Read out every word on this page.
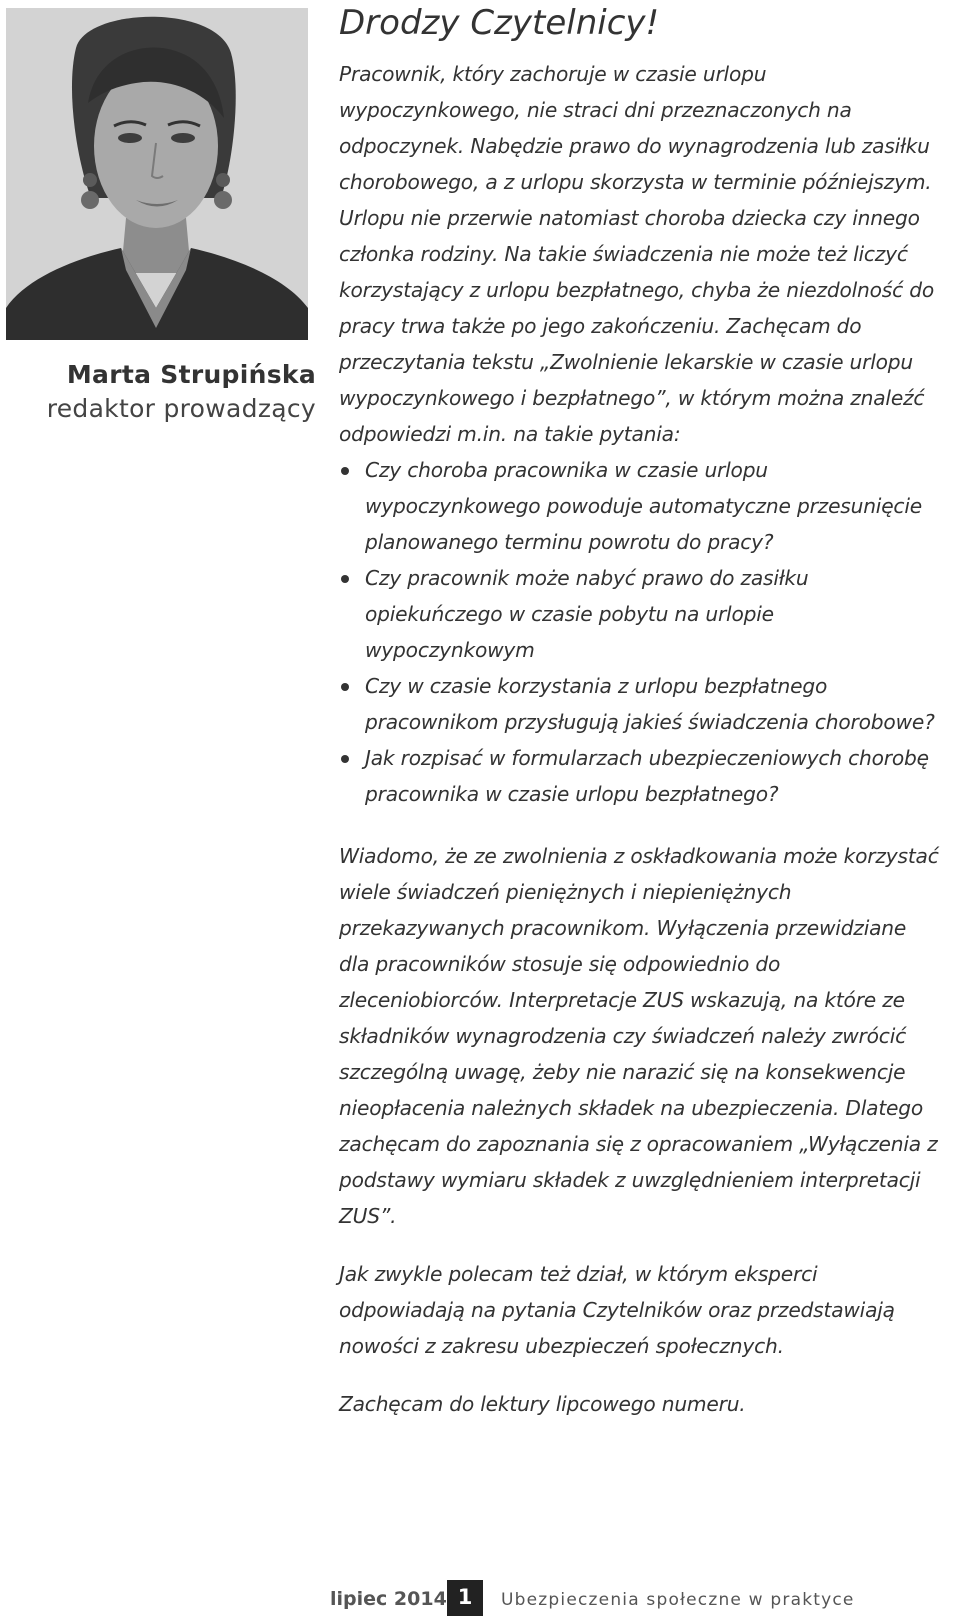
Marta Strupińska
redaktor prowadzący
Drodzy Czytelnicy!

Pracownik, który zachoruje w czasie urlopu wypoczynkowego, nie straci dni przeznaczonych na odpoczynek. Nabędzie prawo do wynagrodzenia lub zasiłku chorobowego, a z urlopu skorzysta w terminie późniejszym. Urlopu nie przerwie natomiast choroba dziecka czy innego członka rodziny. Na takie świadczenia nie może też liczyć korzystający z urlopu bezpłatnego, chyba że niezdolność do pracy trwa także po jego zakończeniu. Zachęcam do przeczytania tekstu „Zwolnienie lekarskie w czasie urlopu wypoczynkowego i bezpłatnego”, w którym można znaleźć odpowiedzi m.in. na takie pytania:

Czy choroba pracownika w czasie urlopu wypoczynkowego powoduje automatyczne przesunięcie planowanego terminu powrotu do pracy?
Czy pracownik może nabyć prawo do zasiłku opiekuńczego w czasie pobytu na urlopie wypoczynkowym
Czy w czasie korzystania z urlopu bezpłatnego pracownikom przysługują jakieś świadczenia chorobowe?
Jak rozpisać w formularzach ubezpieczeniowych chorobę pracownika w czasie urlopu bezpłatnego?

Wiadomo, że ze zwolnienia z oskładkowania może korzystać wiele świadczeń pieniężnych i niepieniężnych przekazywanych pracownikom. Wyłączenia przewidziane dla pracowników stosuje się odpowiednio do zleceniobiorców. Interpretacje ZUS wskazują, na które ze składników wynagrodzenia czy świadczeń należy zwrócić szczególną uwagę, żeby nie narazić się na konsekwencje nieopłacenia należnych składek na ubezpieczenia. Dlatego zachęcam do zapoznania się z opracowaniem „Wyłączenia z podstawy wymiaru składek z uwzględnieniem interpretacji ZUS”.

Jak zwykle polecam też dział, w którym eksperci odpowiadają na pytania Czytelników oraz przedstawiają nowości z zakresu ubezpieczeń społecznych.

Zachęcam do lektury lipcowego numeru.

lipiec 2014 1	Ubezpieczenia społeczne w praktyce
